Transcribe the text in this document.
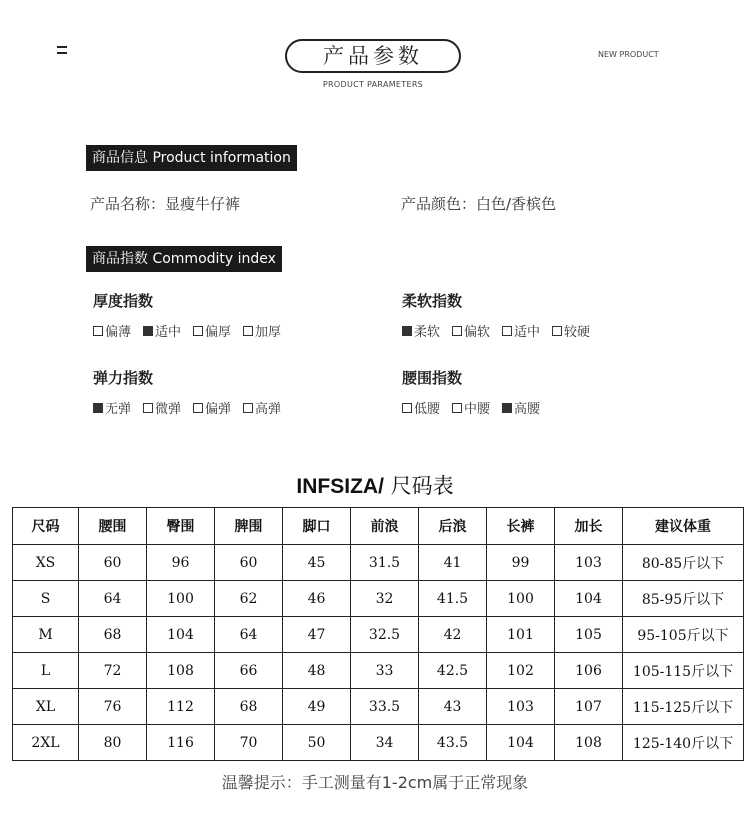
产品参数
PRODUCT PARAMETERS
NEW PRODUCT
商品信息 Product information
产品名称：显瘦牛仔裤	产品颜色：白色/香槟色
商品指数 Commodity index
厚度指数
偏薄 适中 偏厚 加厚
柔软指数
柔软 偏软 适中 较硬
弹力指数
无弹 微弹 偏弹 高弹
腰围指数
低腰 中腰 高腰
INFSIZA/ 尺码表
尺码	腰围	臀围	脾围	脚口	前浪	后浪	长裤	加长	建议体重
XS	60	96	60	45	31.5	41	99	103	80-85斤以下
S	64	100	62	46	32	41.5	100	104	85-95斤以下
M	68	104	64	47	32.5	42	101	105	95-105斤以下
L	72	108	66	48	33	42.5	102	106	105-115斤以下
XL	76	112	68	49	33.5	43	103	107	115-125斤以下
2XL	80	116	70	50	34	43.5	104	108	125-140斤以下
温馨提示：手工测量有1-2cm属于正常现象
